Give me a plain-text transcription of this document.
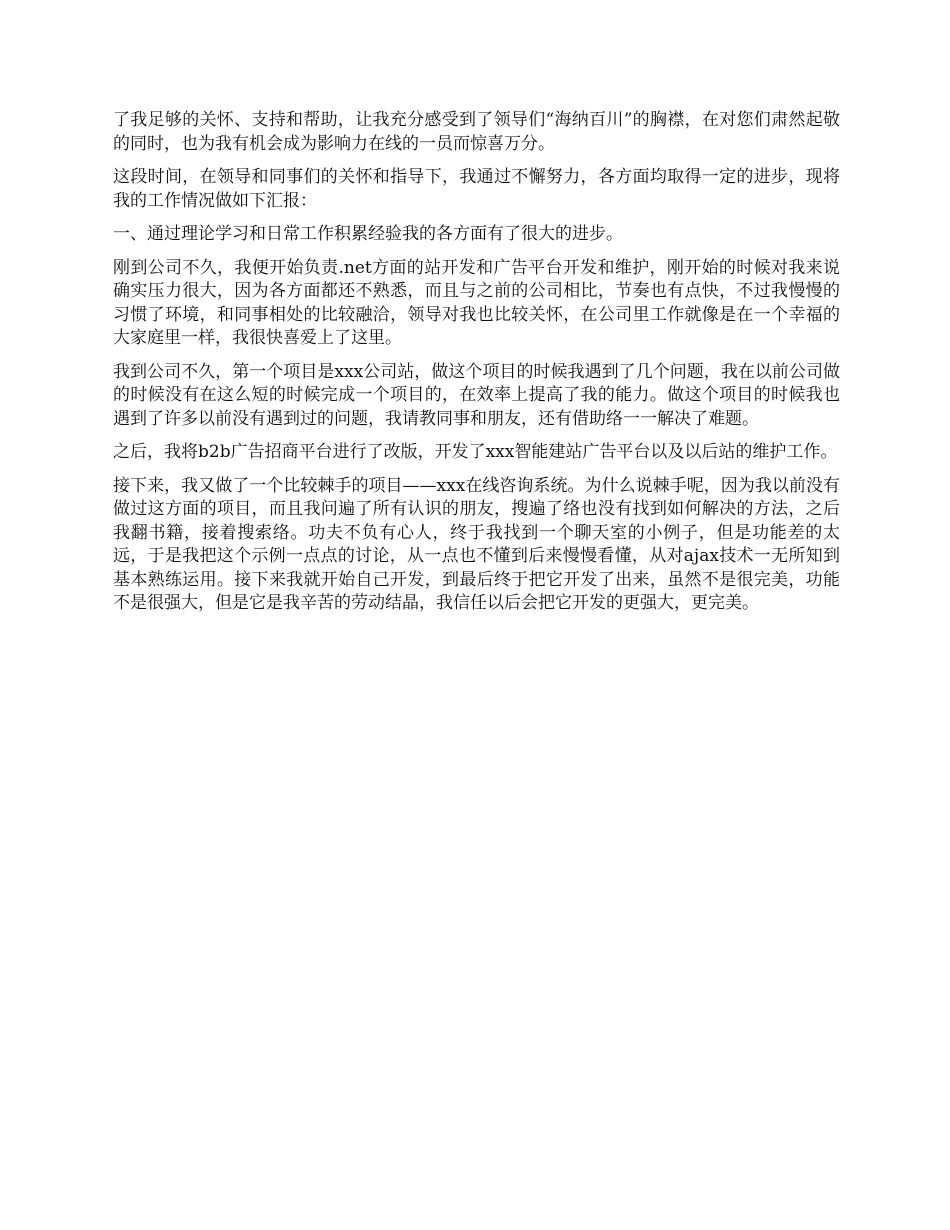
了我足够的关怀、支持和帮助，让我充分感受到了领导们“海纳百川”的胸襟，在对您们肃然起敬的同时，也为我有机会成为影响力在线的一员而惊喜万分。

这段时间，在领导和同事们的关怀和指导下，我通过不懈努力，各方面均取得一定的进步，现将我的工作情况做如下汇报：

一、通过理论学习和日常工作积累经验我的各方面有了很大的进步。

刚到公司不久，我便开始负责.net方面的站开发和广告平台开发和维护，刚开始的时候对我来说确实压力很大，因为各方面都还不熟悉，而且与之前的公司相比，节奏也有点快，不过我慢慢的习惯了环境，和同事相处的比较融洽，领导对我也比较关怀，在公司里工作就像是在一个幸福的大家庭里一样，我很快喜爱上了这里。

我到公司不久，第一个项目是xxx公司站，做这个项目的时候我遇到了几个问题，我在以前公司做的时候没有在这么短的时候完成一个项目的，在效率上提高了我的能力。做这个项目的时候我也遇到了许多以前没有遇到过的问题，我请教同事和朋友，还有借助络一一解决了难题。

之后，我将b2b广告招商平台进行了改版，开发了xxx智能建站广告平台以及以后站的维护工作。

接下来，我又做了一个比较棘手的项目——xxx在线咨询系统。为什么说棘手呢，因为我以前没有做过这方面的项目，而且我问遍了所有认识的朋友，搜遍了络也没有找到如何解决的方法，之后我翻书籍，接着搜索络。功夫不负有心人，终于我找到一个聊天室的小例子，但是功能差的太远，于是我把这个示例一点点的讨论，从一点也不懂到后来慢慢看懂，从对ajax技术一无所知到基本熟练运用。接下来我就开始自己开发，到最后终于把它开发了出来，虽然不是很完美，功能不是很强大，但是它是我辛苦的劳动结晶，我信任以后会把它开发的更强大，更完美。
